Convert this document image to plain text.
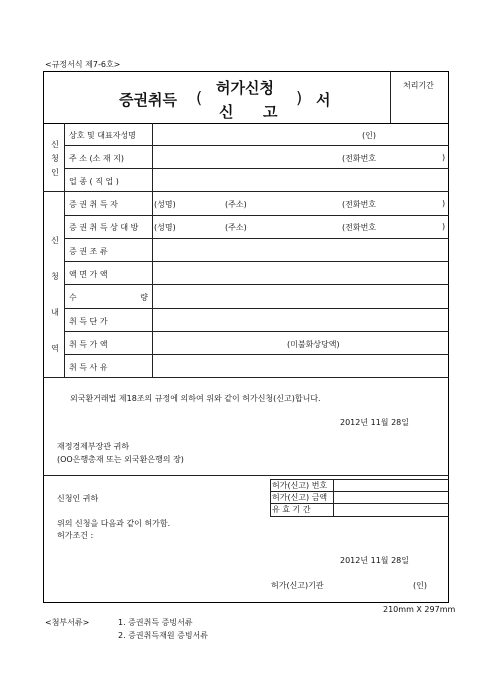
<규정서식 제7-6호>
증권취득 ( 허가신청
신 고
) 서
처리기간
신
청
인
상호 및 대표자성명	(인)
주 소 (소 재 지)	(전화번호	)
업 종 ( 직 업 )
신
청
내
역
증 권 취 득 자	(성명)	(주소)	(전화번호	)
증 권 취 득 상 대 방	(성명)	(주소)	(전화번호	)
증 권 조 류
액 면 가 액
수	량
취 득 단 가
취 득 가 액	(미불화상당액)
취 득 사 유
외국환거래법 제18조의 규정에 의하여 위와 같이 허가신청(신고)합니다.
2012년 11월 28일
재정경제부장관 귀하
(OO은행총재 또는 외국환은행의 장)
허가(신고) 번호
허가(신고) 금액
유 효 기 간
신청인 귀하
위의 신청을 다음과 같이 허가함.
허가조건 :
2012년 11월 28일
허가(신고)기관	(인)
210mm X 297mm
<첨부서류>	1. 증권취득 증빙서류
2. 증권취득재원 증빙서류
